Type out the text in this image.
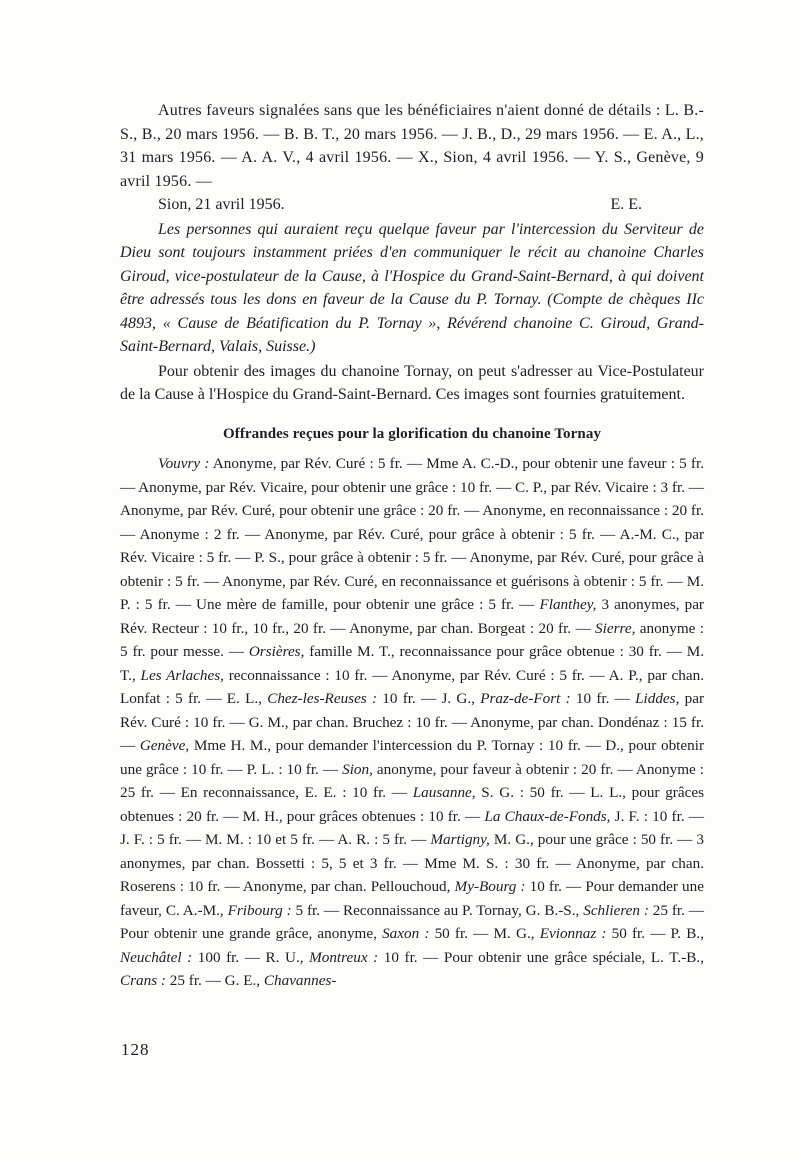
Autres faveurs signalées sans que les bénéficiaires n'aient donné de détails : L. B.-S., B., 20 mars 1956. — B. B. T., 20 mars 1956. — J. B., D., 29 mars 1956. — E. A., L., 31 mars 1956. — A. A. V., 4 avril 1956. — X., Sion, 4 avril 1956. — Y. S., Genève, 9 avril 1956. —

Sion, 21 avril 1956.	E. E.

Les personnes qui auraient reçu quelque faveur par l'intercession du Serviteur de Dieu sont toujours instamment priées d'en communiquer le récit au chanoine Charles Giroud, vice-postulateur de la Cause, à l'Hospice du Grand-Saint-Bernard, à qui doivent être adressés tous les dons en faveur de la Cause du P. Tornay. (Compte de chèques IIc 4893, « Cause de Béatification du P. Tornay », Révérend chanoine C. Giroud, Grand-Saint-Bernard, Valais, Suisse.)

Pour obtenir des images du chanoine Tornay, on peut s'adresser au Vice-Postulateur de la Cause à l'Hospice du Grand-Saint-Bernard. Ces images sont fournies gratuitement.

Offrandes reçues pour la glorification du chanoine Tornay

Vouvry : Anonyme, par Rév. Curé : 5 fr. — Mme A. C.-D., pour obtenir une faveur : 5 fr. — Anonyme, par Rév. Vicaire, pour obtenir une grâce : 10 fr. — C. P., par Rév. Vicaire : 3 fr. — Anonyme, par Rév. Curé, pour obtenir une grâce : 20 fr. — Anonyme, en reconnaissance : 20 fr. — Anonyme : 2 fr. — Anonyme, par Rév. Curé, pour grâce à obtenir : 5 fr. — A.-M. C., par Rév. Vicaire : 5 fr. — P. S., pour grâce à obtenir : 5 fr. — Anonyme, par Rév. Curé, pour grâce à obtenir : 5 fr. — Anonyme, par Rév. Curé, en reconnaissance et guérisons à obtenir : 5 fr. — M. P. : 5 fr. — Une mère de famille, pour obtenir une grâce : 5 fr. — Flanthey, 3 anonymes, par Rév. Recteur : 10 fr., 10 fr., 20 fr. — Anonyme, par chan. Borgeat : 20 fr. — Sierre, anonyme : 5 fr. pour messe. — Orsières, famille M. T., reconnaissance pour grâce obtenue : 30 fr. — M. T., Les Arlaches, reconnaissance : 10 fr. — Anonyme, par Rév. Curé : 5 fr. — A. P., par chan. Lonfat : 5 fr. — E. L., Chez-les-Reuses : 10 fr. — J. G., Praz-de-Fort : 10 fr. — Liddes, par Rév. Curé : 10 fr. — G. M., par chan. Bruchez : 10 fr. — Anonyme, par chan. Dondénaz : 15 fr. — Genève, Mme H. M., pour demander l'intercession du P. Tornay : 10 fr. — D., pour obtenir une grâce : 10 fr. — P. L. : 10 fr. — Sion, anonyme, pour faveur à obtenir : 20 fr. — Anonyme : 25 fr. — En reconnaissance, E. E. : 10 fr. — Lausanne, S. G. : 50 fr. — L. L., pour grâces obtenues : 20 fr. — M. H., pour grâces obtenues : 10 fr. — La Chaux-de-Fonds, J. F. : 10 fr. — J. F. : 5 fr. — M. M. : 10 et 5 fr. — A. R. : 5 fr. — Martigny, M. G., pour une grâce : 50 fr. — 3 anonymes, par chan. Bossetti : 5, 5 et 3 fr. — Mme M. S. : 30 fr. — Anonyme, par chan. Roserens : 10 fr. — Anonyme, par chan. Pellouchoud, My-Bourg : 10 fr. — Pour demander une faveur, C. A.-M., Fribourg : 5 fr. — Reconnaissance au P. Tornay, G. B.-S., Schlieren : 25 fr. — Pour obtenir une grande grâce, anonyme, Saxon : 50 fr. — M. G., Evionnaz : 50 fr. — P. B., Neuchâtel : 100 fr. — R. U., Montreux : 10 fr. — Pour obtenir une grâce spéciale, L. T.-B., Crans : 25 fr. — G. E., Chavannes-

128
